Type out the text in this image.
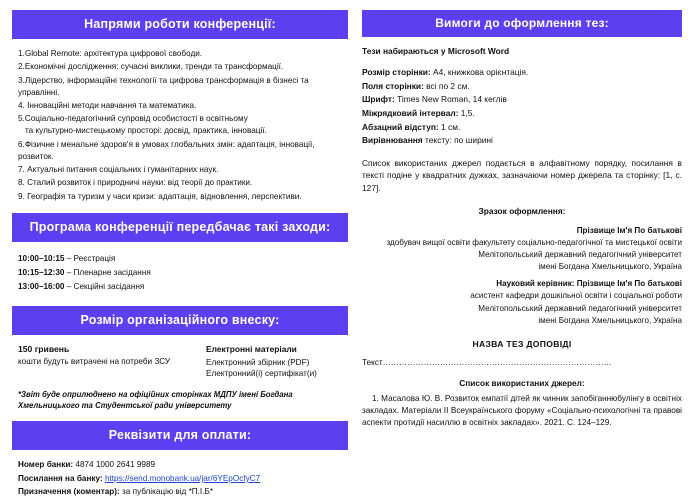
Напрями роботи конференції:
1.Global Remote: архітектура цифрової свободи.
2.Економічні дослідження: сучасні виклики, тренди та трансформації.
3.Лідерство, інформаційні технології та цифрова трансформація в бізнесі та управлінні.
4. Інноваційні методи навчання та математика.
5.Соціально-педагогічний супровід особистості в освітньому
та культурно-мистецькому просторі: досвід, практика, інновації.
6.Фізичне і менальне здоров'я в умовах глобальних змін: адаптація, інновації, розвиток.
7. Актуальні питання соціальних і гуманітарних наук.
8. Сталий розвиток і природничі науки: від теорії до практики.
9. Географія та туризм у часи кризи: адаптація, відновлення, перспективи.
Програма конференції передбачає такі заходи:
10:00–10:15 – Реєстрація
10:15–12:30 – Пленарне засідання
13:00–16:00 – Секційні засідання
Розмір організаційного внеску:
150 гривень
кошти будуть витрачені на потреби ЗСУ
Електронні матеріали
Електронний збірник (PDF)
Електронний(і) сертифікат(и)
*Звіт буде оприлюднено на офіційних сторінках МДПУ імені Богдана Хмельницького та Студентської ради університету
Реквізити для оплати:
Номер банки: 4874 1000 2641 9989
Посилання на банку: https://send.monobank.ua/jar/6YEpOcfyC7
Призначення (коментар): за публікацію від *П.І.Б*
Вимоги до оформлення тез:
Тези набираються у Microsoft Word
Розмір сторінки: А4, книжкова орієнтація.
Поля сторінки: всі по 2 см.
Шрифт: Times New Roman, 14 кеглів
Міжрядковий інтервал: 1,5.
Абзацний відступ: 1 см.
Вирівнювання тексту: по ширині
Список використаних джерел подається в алфавітному порядку, посилання в тексті подіне у квадратних дужках, зазначаючи номер джерела та сторінку: [1, с. 127].
Зразок оформлення:
Прізвище Ім'я По батькові
здобувач вищої освіти факультету соціально-педагогічної та мистецької освіти
Мелітопольський державний педагогічний університет
імені Богдана Хмельницького, Україна
Науковий керівник: Прізвище Ім'я По батькові
асистент кафедри дошкільної освіти і соціальної роботи
Мелітопольський державний педагогічний університет
імені Богдана Хмельницького, Україна
НАЗВА ТЕЗ ДОПОВІДІ
Текст…………………………………………………………………………
Список використаних джерел:
1. Масалова Ю. В. Розвиток емпатії дітей як чинник запобіганнюбулінгу в освітніх закладах. Матеріали ІІ Всеукраїнського форуму «Соціально-психологічні та правові аспекти протидії насиллю в освітніх закладах». 2021. С. 124–129.
